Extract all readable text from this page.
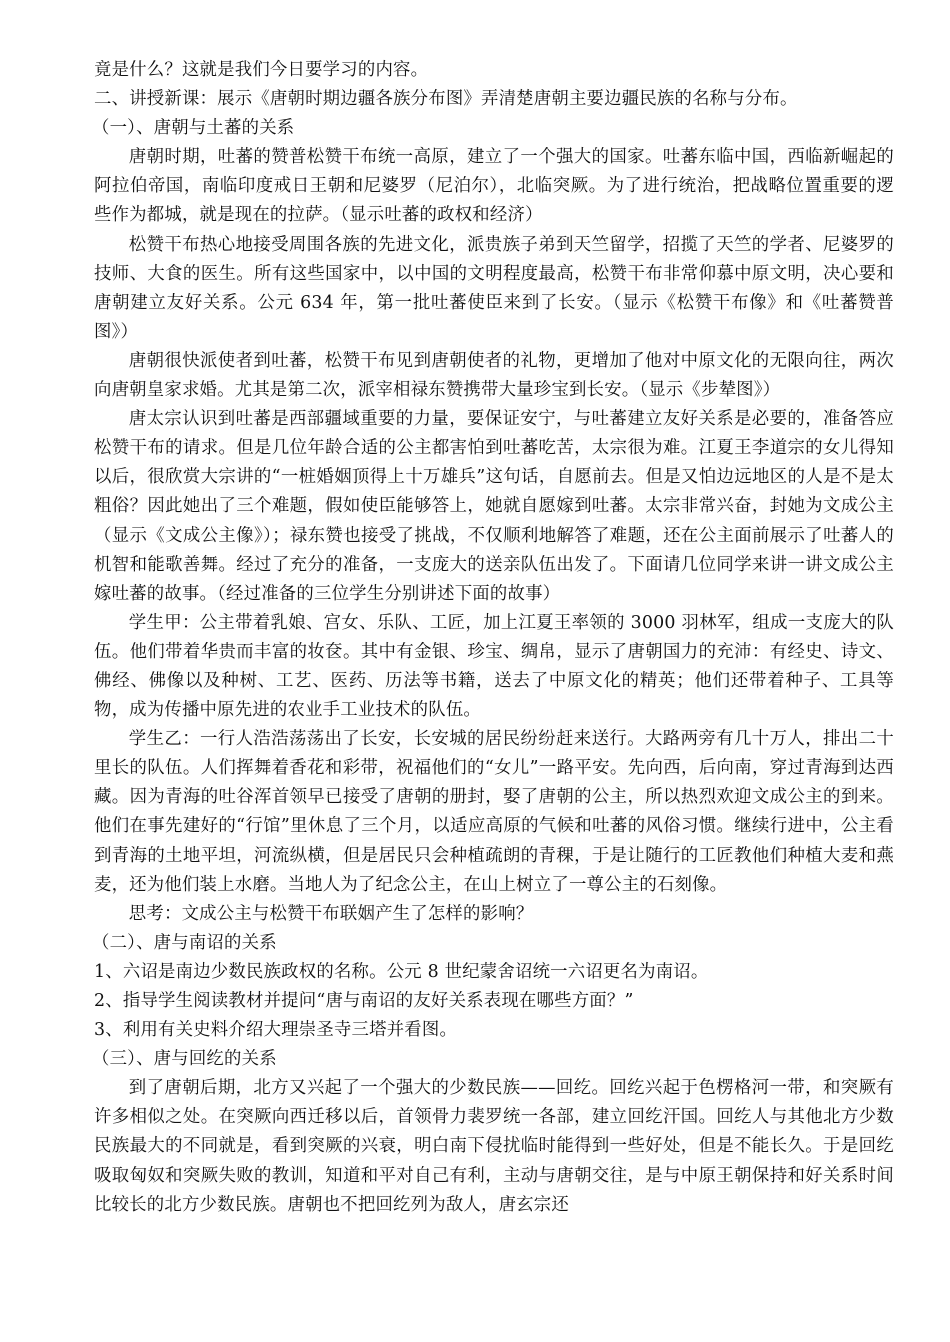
竟是什么？这就是我们今日要学习的内容。

二、讲授新课：展示《唐朝时期边疆各族分布图》弄清楚唐朝主要边疆民族的名称与分布。

（一）、唐朝与土蕃的关系

唐朝时期，吐蕃的赞普松赞干布统一高原，建立了一个强大的国家。吐蕃东临中国，西临新崛起的阿拉伯帝国，南临印度戒日王朝和尼婆罗（尼泊尔），北临突厥。为了进行统治，把战略位置重要的逻些作为都城，就是现在的拉萨。（显示吐蕃的政权和经济）

松赞干布热心地接受周围各族的先进文化，派贵族子弟到天竺留学，招揽了天竺的学者、尼婆罗的技师、大食的医生。所有这些国家中，以中国的文明程度最高，松赞干布非常仰慕中原文明，决心要和唐朝建立友好关系。公元 634 年，第一批吐蕃使臣来到了长安。（显示《松赞干布像》和《吐蕃赞普图》）

唐朝很快派使者到吐蕃，松赞干布见到唐朝使者的礼物，更增加了他对中原文化的无限向往，两次向唐朝皇家求婚。尤其是第二次，派宰相禄东赞携带大量珍宝到长安。（显示《步辇图》）

唐太宗认识到吐蕃是西部疆域重要的力量，要保证安宁，与吐蕃建立友好关系是必要的，准备答应松赞干布的请求。但是几位年龄合适的公主都害怕到吐蕃吃苦，太宗很为难。江夏王李道宗的女儿得知以后，很欣赏大宗讲的“一桩婚姻顶得上十万雄兵”这句话，自愿前去。但是又怕边远地区的人是不是太粗俗？因此她出了三个难题，假如使臣能够答上，她就自愿嫁到吐蕃。太宗非常兴奋，封她为文成公主（显示《文成公主像》）；禄东赞也接受了挑战，不仅顺利地解答了难题，还在公主面前展示了吐蕃人的机智和能歌善舞。经过了充分的准备，一支庞大的送亲队伍出发了。下面请几位同学来讲一讲文成公主嫁吐蕃的故事。（经过准备的三位学生分别讲述下面的故事）

学生甲：公主带着乳娘、宫女、乐队、工匠，加上江夏王率领的 3000 羽林军，组成一支庞大的队伍。他们带着华贵而丰富的妆奁。其中有金银、珍宝、绸帛，显示了唐朝国力的充沛：有经史、诗文、佛经、佛像以及种树、工艺、医药、历法等书籍，送去了中原文化的精英；他们还带着种子、工具等物，成为传播中原先进的农业手工业技术的队伍。

学生乙：一行人浩浩荡荡出了长安，长安城的居民纷纷赶来送行。大路两旁有几十万人，排出二十里长的队伍。人们挥舞着香花和彩带，祝福他们的“女儿”一路平安。先向西，后向南，穿过青海到达西藏。因为青海的吐谷浑首领早已接受了唐朝的册封，娶了唐朝的公主，所以热烈欢迎文成公主的到来。他们在事先建好的“行馆”里休息了三个月，以适应高原的气候和吐蕃的风俗习惯。继续行进中，公主看到青海的土地平坦，河流纵横，但是居民只会种植疏朗的青稞，于是让随行的工匠教他们种植大麦和燕麦，还为他们装上水磨。当地人为了纪念公主，在山上树立了一尊公主的石刻像。

思考：文成公主与松赞干布联姻产生了怎样的影响？

（二）、唐与南诏的关系

1、六诏是南边少数民族政权的名称。公元 8 世纪蒙舍诏统一六诏更名为南诏。

2、指导学生阅读教材并提问“唐与南诏的友好关系表现在哪些方面？”

3、利用有关史料介绍大理崇圣寺三塔并看图。

（三）、唐与回纥的关系

到了唐朝后期，北方又兴起了一个强大的少数民族——回纥。回纥兴起于色楞格河一带，和突厥有许多相似之处。在突厥向西迁移以后，首领骨力裴罗统一各部，建立回纥汗国。回纥人与其他北方少数民族最大的不同就是，看到突厥的兴衰，明白南下侵扰临时能得到一些好处，但是不能长久。于是回纥吸取匈奴和突厥失败的教训，知道和平对自己有利，主动与唐朝交往，是与中原王朝保持和好关系时间比较长的北方少数民族。唐朝也不把回纥列为敌人，唐玄宗还
